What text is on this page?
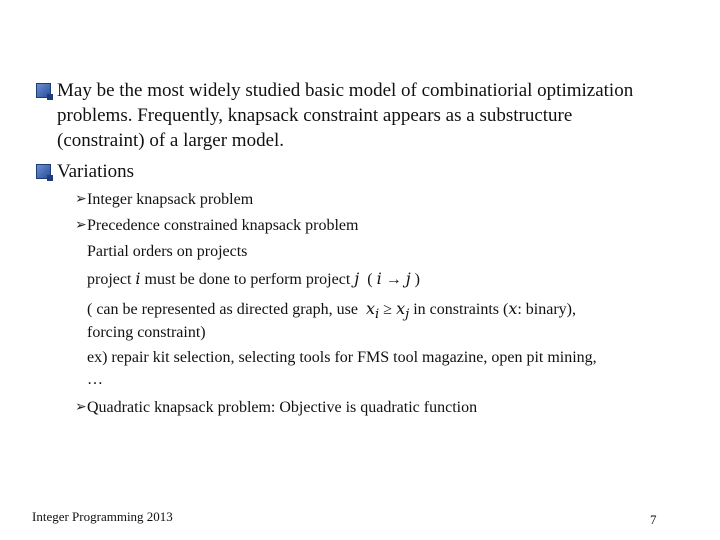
May be the most widely studied basic model of combinatiorial optimization
problems. Frequently, knapsack constraint appears as a substructure
(constraint) of a larger model.
Variations
➢ Integer knapsack problem
➢ Precedence constrained knapsack problem
Partial orders on projects
project i must be done to perform project j ( i → j )
( can be represented as directed graph, use $x_i \ge x_j$ in constraints (x: binary),
forcing constraint)
ex) repair kit selection, selecting tools for FMS tool magazine, open pit mining,
…
➢ Quadratic knapsack problem: Objective is quadratic function
Integer Programming 2013	7
